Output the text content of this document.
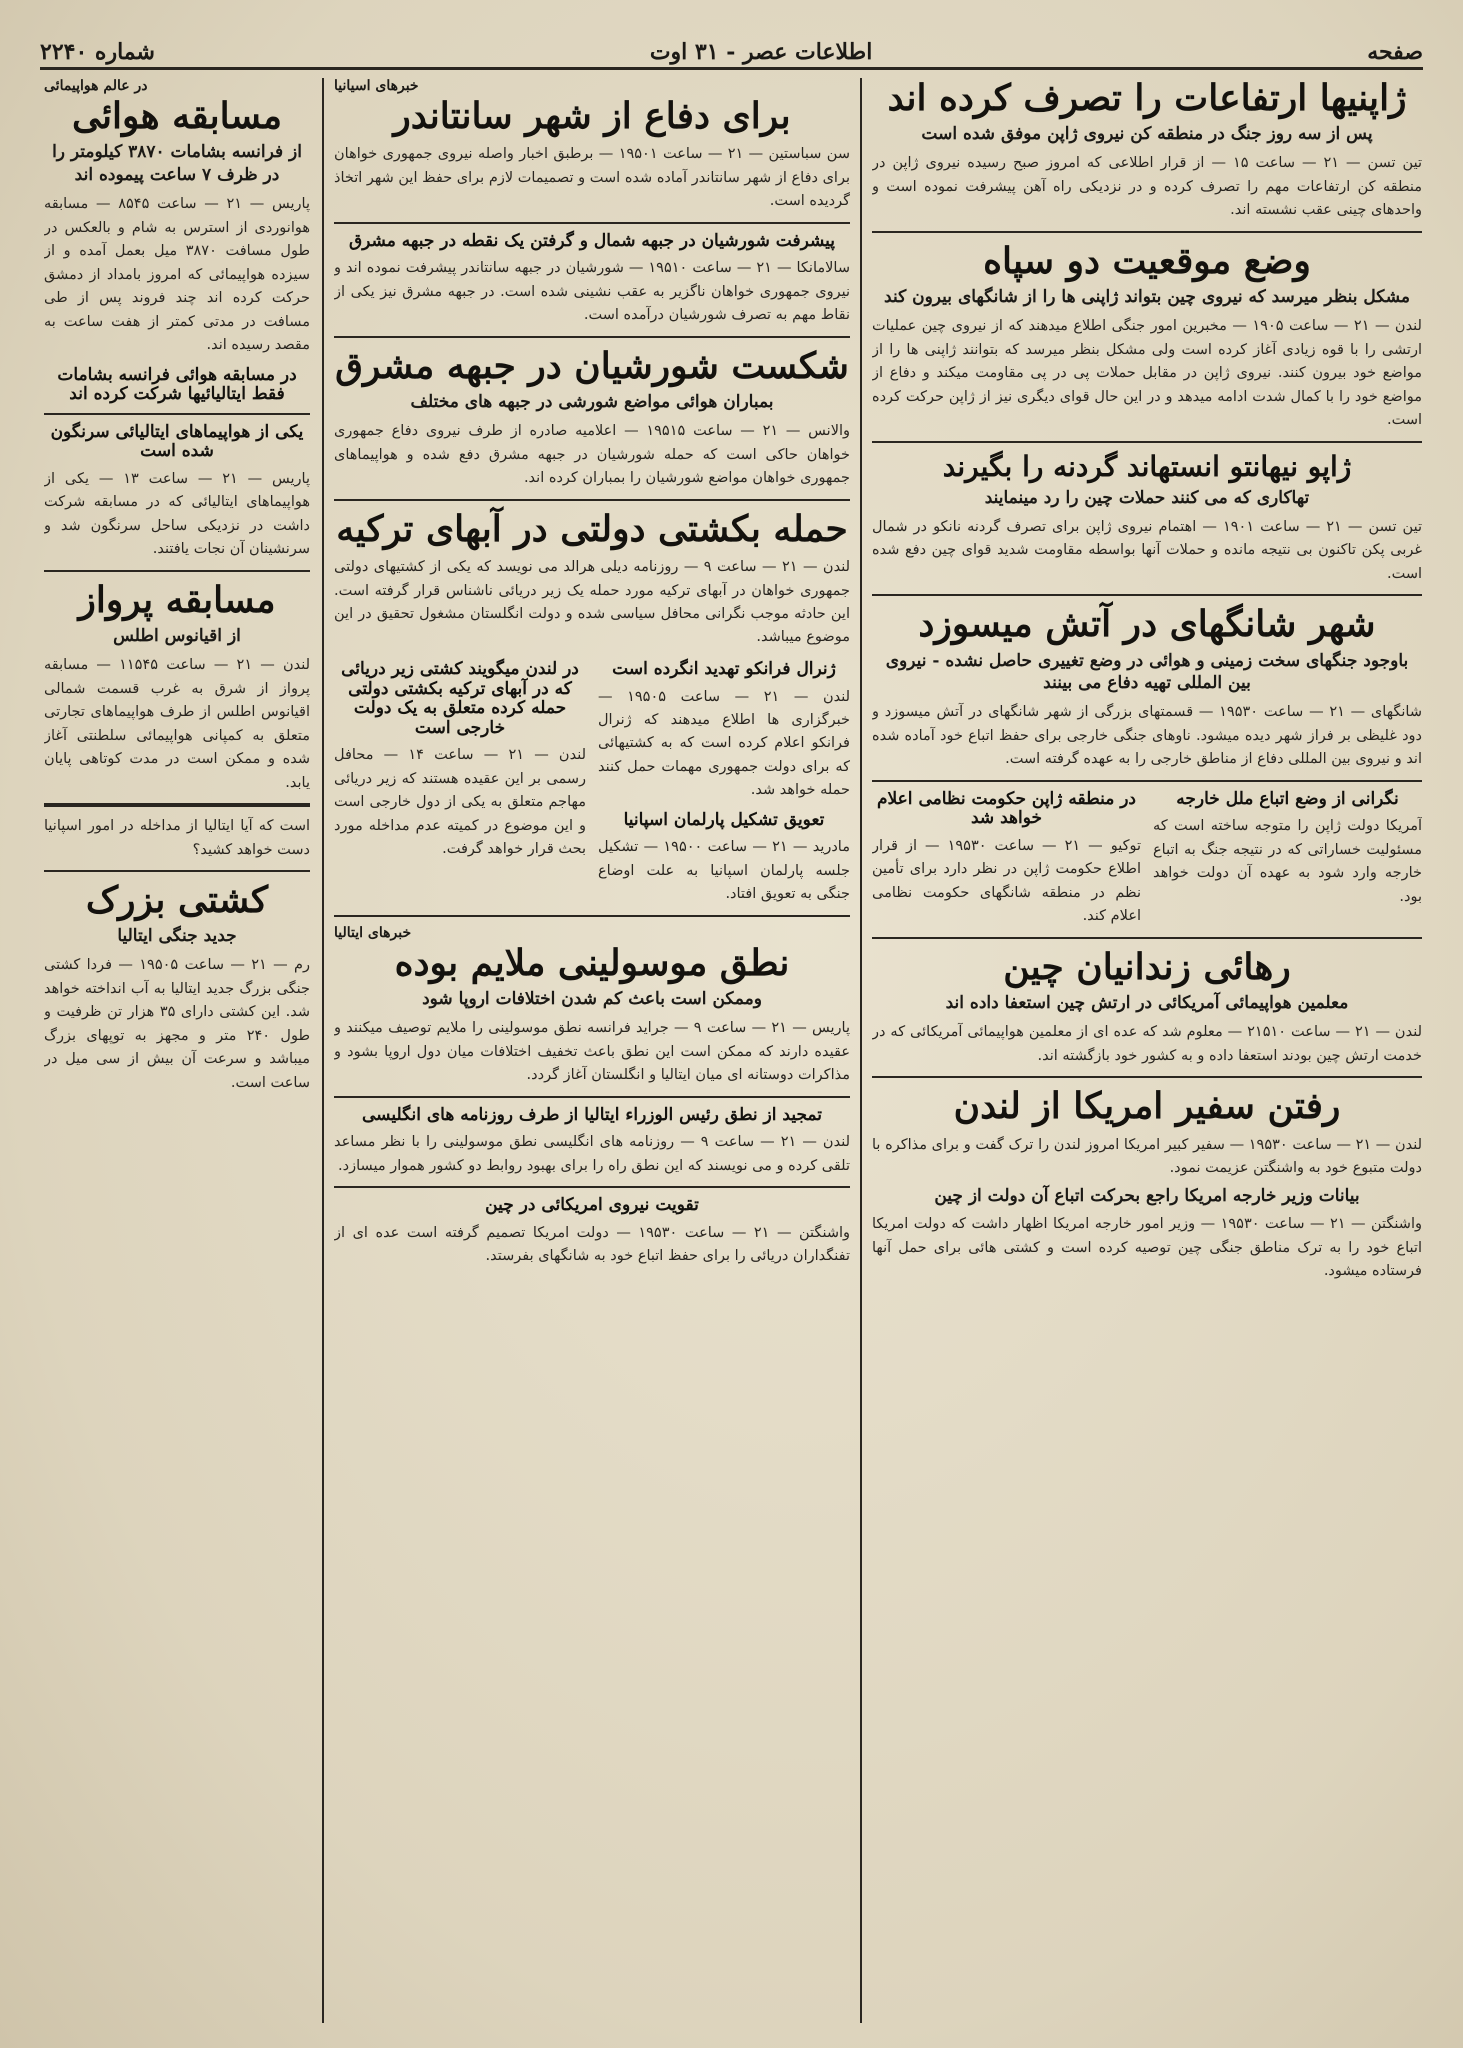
صفحه
اطلاعات عصر - ۳۱ اوت
شماره ۲۲۴۰
ژاپنیها ارتفاعات را تصرف کرده اند
پس از سه روز جنگ در منطقه کن نیروی ژاپن موفق شده است
تین تسن — ۲۱ — ساعت ۱۵ — از قرار اطلاعی که امروز صبح رسیده نیروی ژاپن در منطقه کن ارتفاعات مهم را تصرف کرده و در نزدیکی راه آهن پیشرفت نموده است و واحدهای چینی عقب نشسته اند.
وضع موقعیت دو سپاه
مشکل بنظر میرسد که نیروی چین بتواند ژاپنی ها را از شانگهای بیرون کند
لندن — ۲۱ — ساعت ۱۹۰۵ — مخبرین امور جنگی اطلاع میدهند که از نیروی چین عملیات ارتشی را با قوه زیادی آغاز کرده است ولی مشکل بنظر میرسد که بتوانند ژاپنی ها را از مواضع خود بیرون کنند. نیروی ژاپن در مقابل حملات پی در پی مقاومت میکند و دفاع از مواضع خود را با کمال شدت ادامه میدهد و در این حال قوای دیگری نیز از ژاپن حرکت کرده است.
ژاپو نیهانتو انستهاند گردنه را بگیرند
تهاکاری که می کنند حملات چین را رد مینمایند
تین تسن — ۲۱ — ساعت ۱۹۰۱ — اهتمام نیروی ژاپن برای تصرف گردنه نانکو در شمال غربی پکن تاکنون بی نتیجه مانده و حملات آنها بواسطه مقاومت شدید قوای چین دفع شده است.
شهر شانگهای در آتش میسوزد
باوجود جنگهای سخت زمینی و هوائی در وضع تغییری حاصل نشده - نیروی بین المللی تهیه دفاع می بینند
شانگهای — ۲۱ — ساعت ۱۹۵۳۰ — قسمتهای بزرگی از شهر شانگهای در آتش میسوزد و دود غلیظی بر فراز شهر دیده میشود. ناوهای جنگی خارجی برای حفظ اتباع خود آماده شده اند و نیروی بین المللی دفاع از مناطق خارجی را به عهده گرفته است.
نگرانی از وضع اتباع ملل خارجه
آمریکا دولت ژاپن را متوجه ساخته است که مسئولیت خساراتی که در نتیجه جنگ به اتباع خارجه وارد شود به عهده آن دولت خواهد بود.
در منطقه ژاپن حکومت نظامی اعلام خواهد شد
توکیو — ۲۱ — ساعت ۱۹۵۳۰ — از قرار اطلاع حکومت ژاپن در نظر دارد برای تأمین نظم در منطقه شانگهای حکومت نظامی اعلام کند.
رهائی زندانیان چین
معلمین هواپیمائی آمریکائی در ارتش چین استعفا داده اند
لندن — ۲۱ — ساعت ۲۱۵۱۰ — معلوم شد که عده ای از معلمین هواپیمائی آمریکائی که در خدمت ارتش چین بودند استعفا داده و به کشور خود بازگشته اند.
رفتن سفیر امریکا از لندن
لندن — ۲۱ — ساعت ۱۹۵۳۰ — سفیر کبیر امریکا امروز لندن را ترک گفت و برای مذاکره با دولت متبوع خود به واشنگتن عزیمت نمود.
بیانات وزیر خارجه امریکا راجع بحرکت اتباع آن دولت از چین
واشنگتن — ۲۱ — ساعت ۱۹۵۳۰ — وزیر امور خارجه امریکا اظهار داشت که دولت امریکا اتباع خود را به ترک مناطق جنگی چین توصیه کرده است و کشتی هائی برای حمل آنها فرستاده میشود.
خبرهای اسیانیا
برای دفاع از شهر سانتاندر
سن سباستین — ۲۱ — ساعت ۱۹۵۰۱ — برطبق اخبار واصله نیروی جمهوری خواهان برای دفاع از شهر سانتاندر آماده شده است و تصمیمات لازم برای حفظ این شهر اتخاذ گردیده است.
پیشرفت شورشیان در جبهه شمال و گرفتن یک نقطه در جبهه مشرق
سالامانکا — ۲۱ — ساعت ۱۹۵۱۰ — شورشیان در جبهه سانتاندر پیشرفت نموده اند و نیروی جمهوری خواهان ناگزیر به عقب نشینی شده است. در جبهه مشرق نیز یکی از نقاط مهم به تصرف شورشیان درآمده است.
شکست شورشیان در جبهه مشرق
بمباران هوائی مواضع شورشی در جبهه های مختلف
والانس — ۲۱ — ساعت ۱۹۵۱۵ — اعلامیه صادره از طرف نیروی دفاع جمهوری خواهان حاکی است که حمله شورشیان در جبهه مشرق دفع شده و هواپیماهای جمهوری خواهان مواضع شورشیان را بمباران کرده اند.
حمله بکشتی دولتی در آبهای ترکیه
لندن — ۲۱ — ساعت ۹ — روزنامه دیلی هرالد می نویسد که یکی از کشتیهای دولتی جمهوری خواهان در آبهای ترکیه مورد حمله یک زیر دریائی ناشناس قرار گرفته است. این حادثه موجب نگرانی محافل سیاسی شده و دولت انگلستان مشغول تحقیق در این موضوع میباشد.
ژنرال فرانکو تهدید انگرده است
لندن — ۲۱ — ساعت ۱۹۵۰۵ — خبرگزاری ها اطلاع میدهند که ژنرال فرانکو اعلام کرده است که به کشتیهائی که برای دولت جمهوری مهمات حمل کنند حمله خواهد شد.
تعویق تشکیل پارلمان اسپانیا
مادرید — ۲۱ — ساعت ۱۹۵۰۰ — تشکیل جلسه پارلمان اسپانیا به علت اوضاع جنگی به تعویق افتاد.
در لندن میگویند کشتی زیر دریائی که در آبهای ترکیه بکشتی دولتی حمله کرده متعلق به یک دولت خارجی است
لندن — ۲۱ — ساعت ۱۴ — محافل رسمی بر این عقیده هستند که زیر دریائی مهاجم متعلق به یکی از دول خارجی است و این موضوع در کمیته عدم مداخله مورد بحث قرار خواهد گرفت.
خبرهای ایتالیا
نطق موسولینی ملایم بوده
وممکن است باعث کم شدن اختلافات اروپا شود
پاریس — ۲۱ — ساعت ۹ — جراید فرانسه نطق موسولینی را ملایم توصیف میکنند و عقیده دارند که ممکن است این نطق باعث تخفیف اختلافات میان دول اروپا بشود و مذاکرات دوستانه ای میان ایتالیا و انگلستان آغاز گردد.
تمجید از نطق رئیس الوزراء ایتالیا از طرف روزنامه های انگلیسی
لندن — ۲۱ — ساعت ۹ — روزنامه های انگلیسی نطق موسولینی را با نظر مساعد تلقی کرده و می نویسند که این نطق راه را برای بهبود روابط دو کشور هموار میسازد.
تقویت نیروی امریکائی در چین
واشنگتن — ۲۱ — ساعت ۱۹۵۳۰ — دولت امریکا تصمیم گرفته است عده ای از تفنگداران دریائی را برای حفظ اتباع خود به شانگهای بفرستد.
در عالم هواپیمائی
مسابقه هوائی
از فرانسه بشامات ۳۸۷۰ کیلومتر را در ظرف ۷ ساعت پیموده اند
پاریس — ۲۱ — ساعت ۸۵۴۵ — مسابقه هوانوردی از استرس به شام و بالعکس در طول مسافت ۳۸۷۰ میل بعمل آمده و از سیزده هواپیمائی که امروز بامداد از دمشق حرکت کرده اند چند فروند پس از طی مسافت در مدتی کمتر از هفت ساعت به مقصد رسیده اند.
در مسابقه هوائی فرانسه بشامات فقط ایتالیائیها شرکت کرده اند
یکی از هواپیماهای ایتالیائی سرنگون شده است
پاریس — ۲۱ — ساعت ۱۳ — یکی از هواپیماهای ایتالیائی که در مسابقه شرکت داشت در نزدیکی ساحل سرنگون شد و سرنشینان آن نجات یافتند.
مسابقه پرواز
از اقیانوس اطلس
لندن — ۲۱ — ساعت ۱۱۵۴۵ — مسابقه پرواز از شرق به غرب قسمت شمالی اقیانوس اطلس از طرف هواپیماهای تجارتی متعلق به کمپانی هواپیمائی سلطنتی آغاز شده و ممکن است در مدت کوتاهی پایان یابد.
است که آیا ایتالیا از مداخله در امور اسپانیا دست خواهد کشید؟
کشتی بزرک
جدید جنگی ایتالیا
رم — ۲۱ — ساعت ۱۹۵۰۵ — فردا کشتی جنگی بزرگ جدید ایتالیا به آب انداخته خواهد شد. این کشتی دارای ۳۵ هزار تن ظرفیت و طول ۲۴۰ متر و مجهز به توپهای بزرگ میباشد و سرعت آن بیش از سی میل در ساعت است.
